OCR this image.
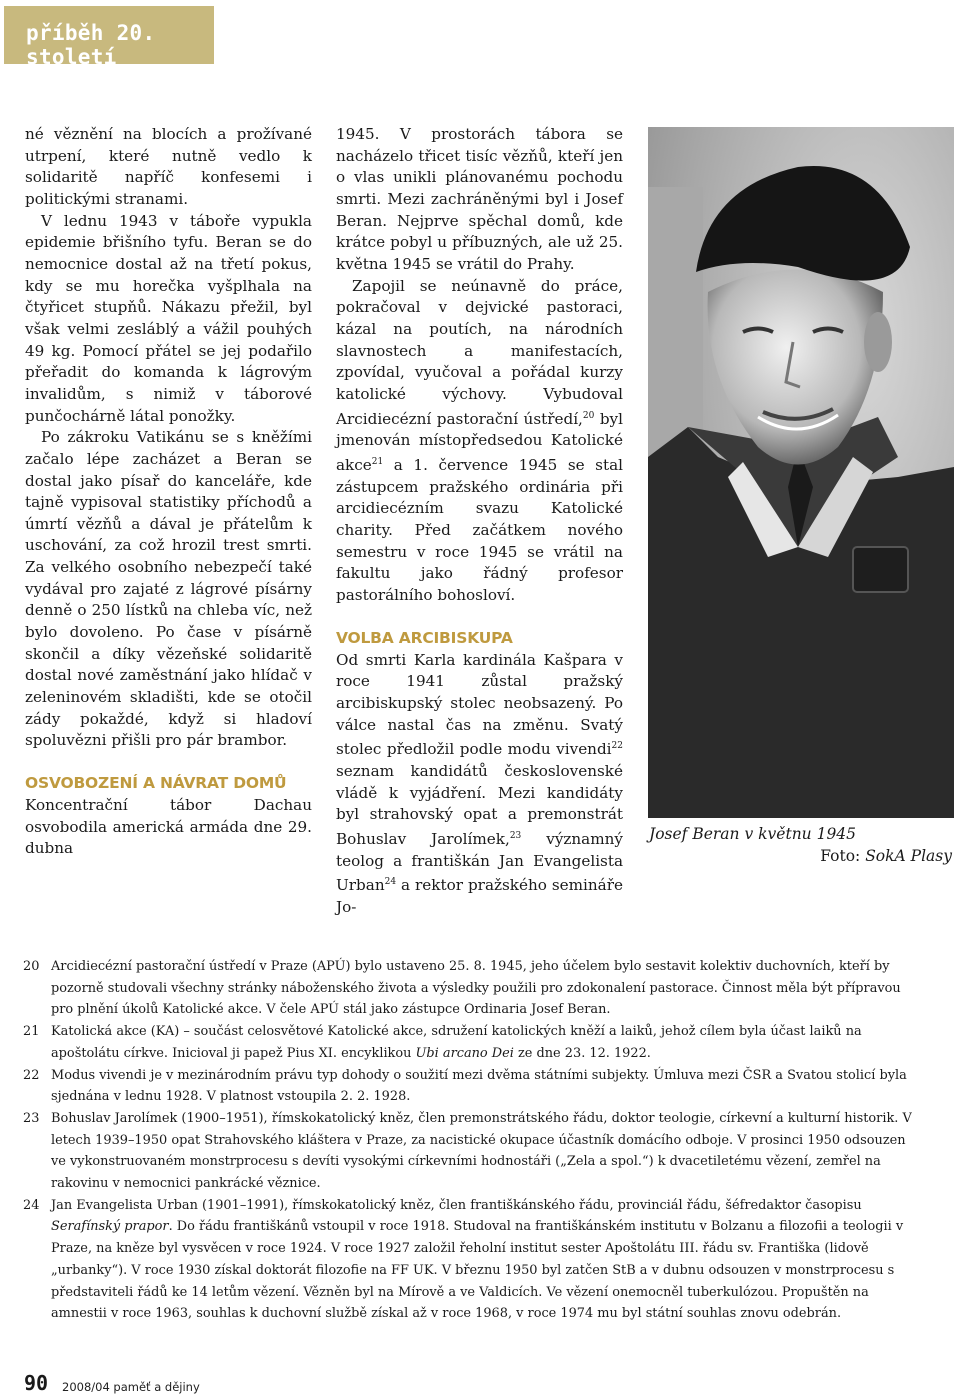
příběh 20. století

né věznění na blocích a prožívané utrpení, které nutně vedlo k solidaritě napříč konfesemi i politickými stranami.

V lednu 1943 v táboře vypukla epidemie břišního tyfu. Beran se do nemocnice dostal až na třetí pokus, kdy se mu horečka vyšplhala na čtyřicet stupňů. Nákazu přežil, byl však velmi zesláblý a vážil pouhých 49 kg. Pomocí přátel se jej podařilo přeřadit do komanda k lágrovým invalidům, s nimiž v táborové punčochárně látal ponožky.

Po zákroku Vatikánu se s kněžími začalo lépe zacházet a Beran se dostal jako písař do kanceláře, kde tajně vypisoval statistiky příchodů a úmrtí vězňů a dával je přátelům k uschování, za což hrozil trest smrti. Za velkého osobního nebezpečí také vydával pro zajaté z lágrové písárny denně o 250 lístků na chleba víc, než bylo dovoleno. Po čase v písárně skončil a díky vězeňské solidaritě dostal nové zaměstnání jako hlídač v zeleninovém skladišti, kde se otočil zády pokaždé, když si hladoví spoluvězni přišli pro pár brambor.

OSVOBOZENÍ A NÁVRAT DOMŮ

Koncentrační tábor Dachau osvobodila americká armáda dne 29. dubna

1945. V prostorách tábora se nacházelo třicet tisíc vězňů, kteří jen o vlas unikli plánovanému pochodu smrti. Mezi zachráněnými byl i Josef Beran. Nejprve spěchal domů, kde krátce pobyl u příbuzných, ale už 25. května 1945 se vrátil do Prahy.

Zapojil se neúnavně do práce, pokračoval v dejvické pastoraci, kázal na poutích, na národních slavnostech a manifestacích, zpovídal, vyučoval a pořádal kurzy katolické výchovy. Vybudoval Arcidiecézní pastorační ústředí,$^{20}$ byl jmenován místopředsedou Katolické akce$^{21}$ a 1. července 1945 se stal zástupcem pražského ordinária při arcidiecézním svazu Katolické charity. Před začátkem nového semestru v roce 1945 se vrátil na fakultu jako řádný profesor pastorálního bohosloví.

VOLBA ARCIBISKUPA

Od smrti Karla kardinála Kašpara v roce 1941 zůstal pražský arcibiskupský stolec neobsazený. Po válce nastal čas na změnu. Svatý stolec předložil podle modu vivendi$^{22}$ seznam kandidátů československé vládě k vyjádření. Mezi kandidáty byl strahovský opat a premonstrát Bohuslav Jarolímek,$^{23}$ významný teolog a františkán Jan Evangelista Urban$^{24}$ a rektor pražského semináře Jo-

Josef Beran v květnu 1945
Foto: SokA Plasy
20 Arcidiecézní pastorační ústředí v Praze (APÚ) bylo ustaveno 25. 8. 1945, jeho účelem bylo sestavit kolektiv duchovních, kteří by pozorně studovali všechny stránky náboženského života a výsledky použili pro zdokonalení pastorace. Činnost měla být přípravou pro plnění úkolů Katolické akce. V čele APÚ stál jako zástupce Ordinaria Josef Beran.
21 Katolická akce (KA) – součást celosvětové Katolické akce, sdružení katolických kněží a laiků, jehož cílem byla účast laiků na apoštolátu církve. Inicioval ji papež Pius XI. encyklikou Ubi arcano Dei ze dne 23. 12. 1922.
22 Modus vivendi je v mezinárodním právu typ dohody o soužití mezi dvěma státními subjekty. Úmluva mezi ČSR a Svatou stolicí byla sjednána v lednu 1928. V platnost vstoupila 2. 2. 1928.
23 Bohuslav Jarolímek (1900–1951), římskokatolický kněz, člen premonstrátského řádu, doktor teologie, církevní a kulturní historik. V letech 1939–1950 opat Strahovského kláštera v Praze, za nacistické okupace účastník domácího odboje. V prosinci 1950 odsouzen ve vykonstruovaném monstrprocesu s devíti vysokými církevními hodnostáři („Zela a spol.“) k dvacetiletému vězení, zemřel na rakovinu v nemocnici pankrácké věznice.
24 Jan Evangelista Urban (1901–1991), římskokatolický kněz, člen františkánského řádu, provinciál řádu, šéfredaktor časopisu Serafínský prapor. Do řádu františkánů vstoupil v roce 1918. Studoval na františkánském institutu v Bolzanu a filozofii a teologii v Praze, na kněze byl vysvěcen v roce 1924. V roce 1927 založil řeholní institut sester Apoštolátu III. řádu sv. Františka (lidově „urbanky“). V roce 1930 získal doktorát filozofie na FF UK. V březnu 1950 byl zatčen StB a v dubnu odsouzen v monstrprocesu s představiteli řádů ke 14 letům vězení. Vězněn byl na Mírově a ve Valdicích. Ve vězení onemocněl tuberkulózou. Propuštěn na amnestii v roce 1963, souhlas k duchovní službě získal až v roce 1968, v roce 1974 mu byl státní souhlas znovu odebrán.
90 2008/04 paměť a dějiny
